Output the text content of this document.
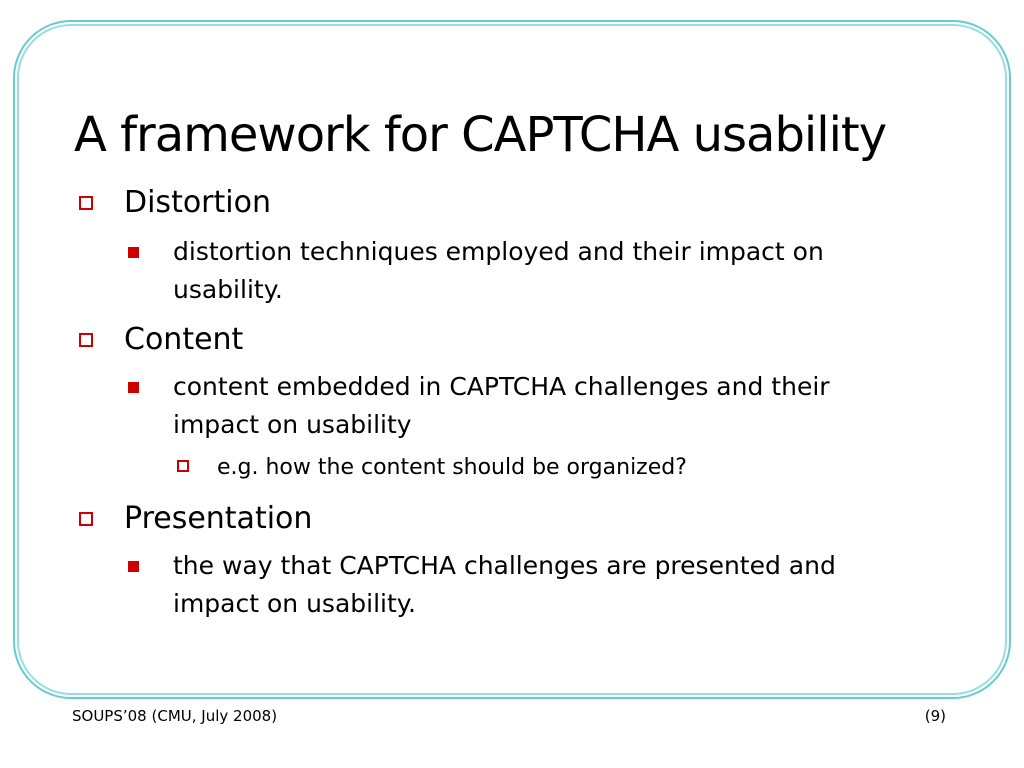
A framework for CAPTCHA usability
Distortion
distortion techniques employed and their impact on
usability.
Content
content embedded in CAPTCHA challenges and their
impact on usability
e.g. how the content should be organized?
Presentation
the way that CAPTCHA challenges are presented and
impact on usability.
SOUPS’08 (CMU, July 2008)	(9)
